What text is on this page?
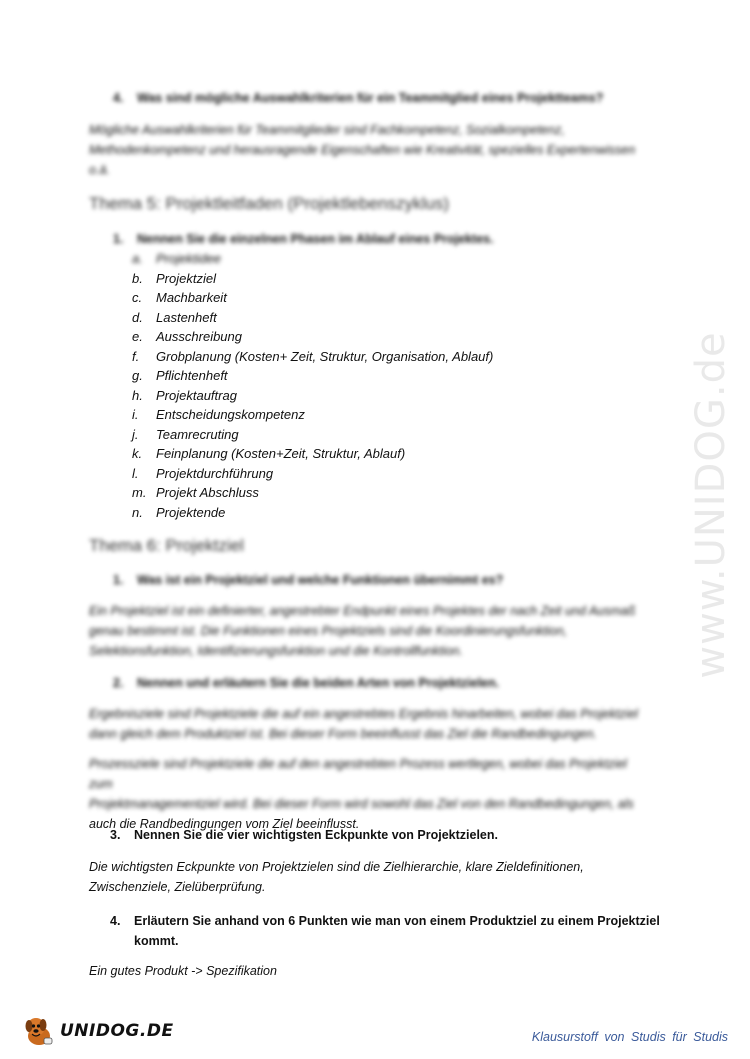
www.UNIDOG.de
4. Was sind mögliche Auswahlkriterien für ein Teammitglied eines Projektteams?
Mögliche Auswahlkriterien für Teammitglieder sind Fachkompetenz, Sozialkompetenz,
Methodenkompetenz und herausragende Eigenschaften wie Kreativität, spezielles Expertenwissen
o.ä.
Thema 5: Projektleitfaden (Projektlebenszyklus)
1. Nennen Sie die einzelnen Phasen im Ablauf eines Projektes.
a.	Projektidee
b.	Projektziel
c.	Machbarkeit
d.	Lastenheft
e.	Ausschreibung
f.	Grobplanung (Kosten+ Zeit, Struktur, Organisation, Ablauf)
g.	Pflichtenheft
h.	Projektauftrag
i.	Entscheidungskompetenz
j.	Teamrecruting
k.	Feinplanung (Kosten+Zeit, Struktur, Ablauf)
l.	Projektdurchführung
m. Projekt Abschluss
n.	Projektende
Thema 6: Projektziel
1. Was ist ein Projektziel und welche Funktionen übernimmt es?
Ein Projektziel ist ein definierter, angestrebter Endpunkt eines Projektes der nach Zeit und Ausmaß
genau bestimmt ist. Die Funktionen eines Projektziels sind die Koordinierungsfunktion,
Selektionsfunktion, Identifizierungsfunktion und die Kontrollfunktion.
2. Nennen und erläutern Sie die beiden Arten von Projektzielen.
Ergebnisziele sind Projektziele die auf ein angestrebtes Ergebnis hinarbeiten, wobei das Projektziel
dann gleich dem Produktziel ist. Bei dieser Form beeinflusst das Ziel die Randbedingungen.
Prozessziele sind Projektziele die auf den angestrebten Prozess wertlegen, wobei das Projektziel zum
Projektmanagementziel wird. Bei dieser Form wird sowohl das Ziel von den Randbedingungen, als
auch die Randbedingungen vom Ziel beeinflusst.
3. Nennen Sie die vier wichtigsten Eckpunkte von Projektzielen.
Die wichtigsten Eckpunkte von Projektzielen sind die Zielhierarchie, klare Zieldefinitionen,
Zwischenziele, Zielüberprüfung.
4.	Erläutern Sie anhand von 6 Punkten wie man von einem Produktziel zu einem Projektziel
kommt.
Ein gutes Produkt -> Spezifikation
UNIDOG.DE	Klausurstoff von Studis für Studis
